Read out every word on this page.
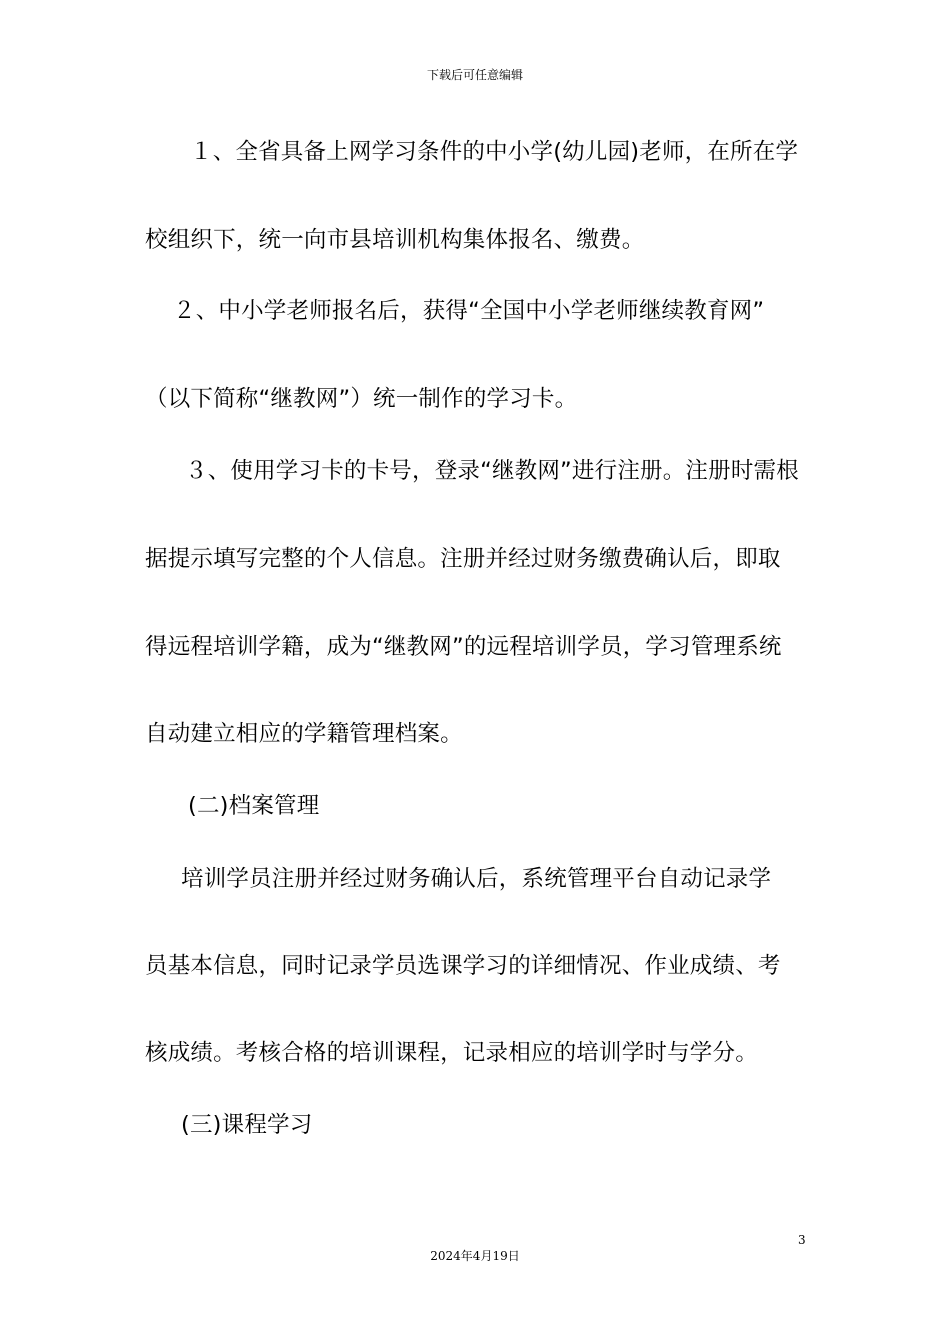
下载后可任意编辑
１、全省具备上网学习条件的中小学(幼儿园)老师，在所在学
校组织下，统一向市县培训机构集体报名、缴费。
２、中小学老师报名后，获得“全国中小学老师继续教育网”
（以下简称“继教网”）统一制作的学习卡。
３、使用学习卡的卡号，登录“继教网”进行注册。注册时需根
据提示填写完整的个人信息。注册并经过财务缴费确认后，即取
得远程培训学籍，成为“继教网”的远程培训学员，学习管理系统
自动建立相应的学籍管理档案。
(二)档案管理
培训学员注册并经过财务确认后，系统管理平台自动记录学
员基本信息，同时记录学员选课学习的详细情况、作业成绩、考
核成绩。考核合格的培训课程，记录相应的培训学时与学分。
(三)课程学习
3
2024年4月19日
